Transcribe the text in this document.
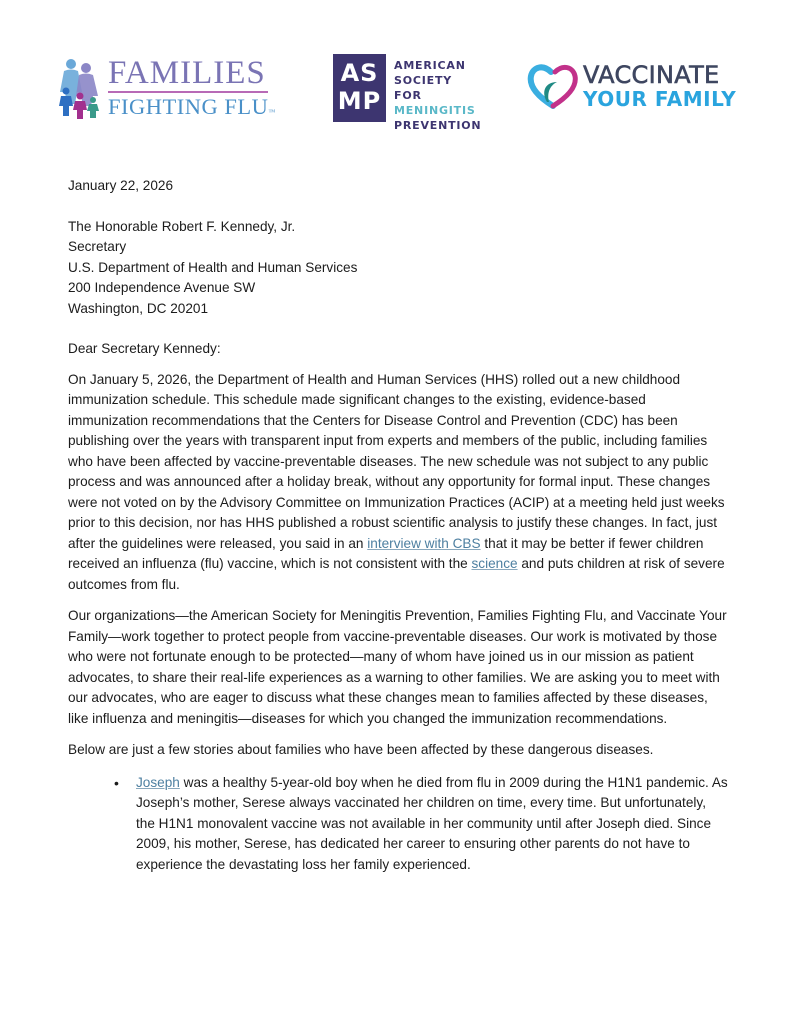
FAMILIES
FIGHTING FLU™
AS
MP
AMERICAN
SOCIETY FOR
MENINGITIS
PREVENTION
VACCINATE
YOUR FAMILY

January 22, 2026

The Honorable Robert F. Kennedy, Jr.

Secretary

U.S. Department of Health and Human Services

200 Independence Avenue SW

Washington, DC 20201

Dear Secretary Kennedy:

On January 5, 2026, the Department of Health and Human Services (HHS) rolled out a new childhood immunization schedule. This schedule made significant changes to the existing, evidence-based immunization recommendations that the Centers for Disease Control and Prevention (CDC) has been publishing over the years with transparent input from experts and members of the public, including families who have been affected by vaccine-preventable diseases. The new schedule was not subject to any public process and was announced after a holiday break, without any opportunity for formal input. These changes were not voted on by the Advisory Committee on Immunization Practices (ACIP) at a meeting held just weeks prior to this decision, nor has HHS published a robust scientific analysis to justify these changes. In fact, just after the guidelines were released, you said in an interview with CBS that it may be better if fewer children received an influenza (flu) vaccine, which is not consistent with the science and puts children at risk of severe outcomes from flu.

Our organizations—the American Society for Meningitis Prevention, Families Fighting Flu, and Vaccinate Your Family—work together to protect people from vaccine-preventable diseases. Our work is motivated by those who were not fortunate enough to be protected—many of whom have joined us in our mission as patient advocates, to share their real-life experiences as a warning to other families. We are asking you to meet with our advocates, who are eager to discuss what these changes mean to families affected by these diseases, like influenza and meningitis—diseases for which you changed the immunization recommendations.

Below are just a few stories about families who have been affected by these dangerous diseases.

• Joseph was a healthy 5-year-old boy when he died from flu in 2009 during the H1N1 pandemic. As Joseph’s mother, Serese always vaccinated her children on time, every time. But unfortunately, the H1N1 monovalent vaccine was not available in her community until after Joseph died. Since 2009, his mother, Serese, has dedicated her career to ensuring other parents do not have to experience the devastating loss her family experienced.
